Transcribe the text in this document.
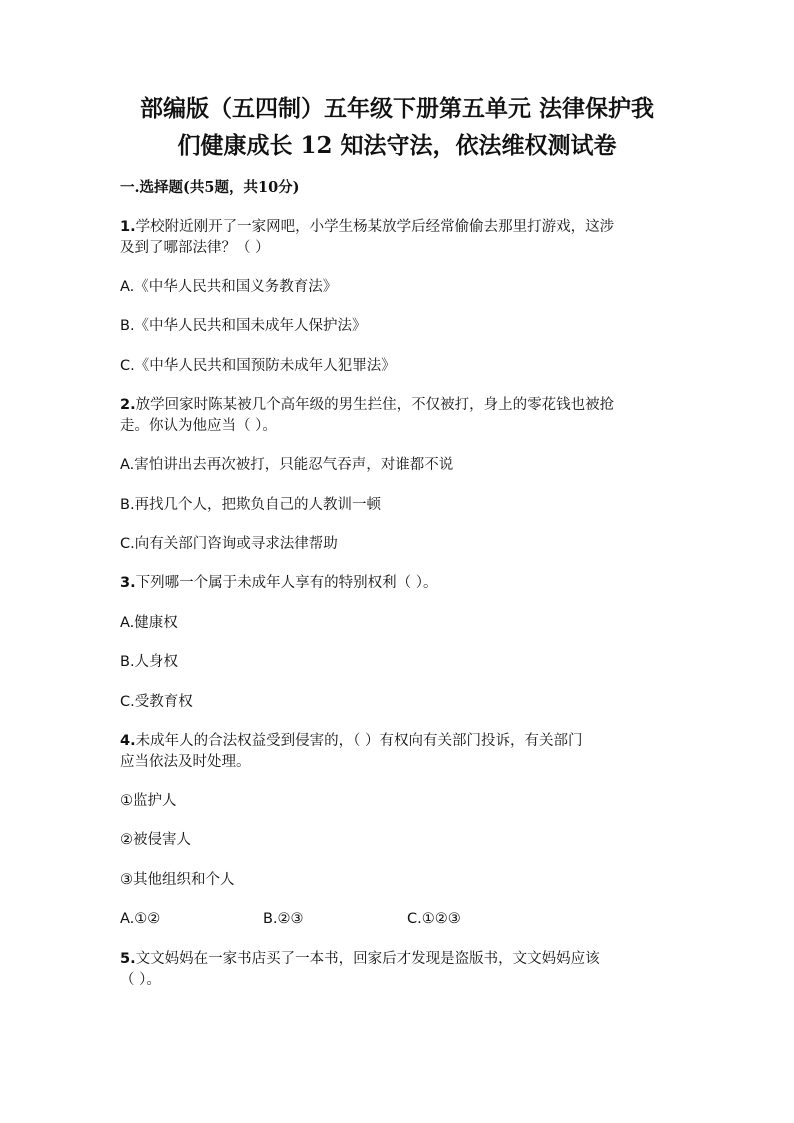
部编版（五四制）五年级下册第五单元 法律保护我
们健康成长 12 知法守法，依法维权测试卷
一.选择题(共5题，共10分)
1.学校附近刚开了一家网吧，小学生杨某放学后经常偷偷去那里打游戏，这涉
及到了哪部法律？（ ）
A.《中华人民共和国义务教育法》
B.《中华人民共和国未成年人保护法》
C.《中华人民共和国预防未成年人犯罪法》
2.放学回家时陈某被几个高年级的男生拦住，不仅被打，身上的零花钱也被抢
走。你认为他应当（ ）。
A.害怕讲出去再次被打，只能忍气吞声，对谁都不说
B.再找几个人，把欺负自己的人教训一顿
C.向有关部门咨询或寻求法律帮助
3.下列哪一个属于未成年人享有的特别权利（ ）。
A.健康权
B.人身权
C.受教育权
4.未成年人的合法权益受到侵害的，（ ）有权向有关部门投诉，有关部门
应当依法及时处理。
①监护人
②被侵害人
③其他组织和个人
A.①②	B.②③	C.①②③
5.文文妈妈在一家书店买了一本书，回家后才发现是盗版书，文文妈妈应该
（ ）。
